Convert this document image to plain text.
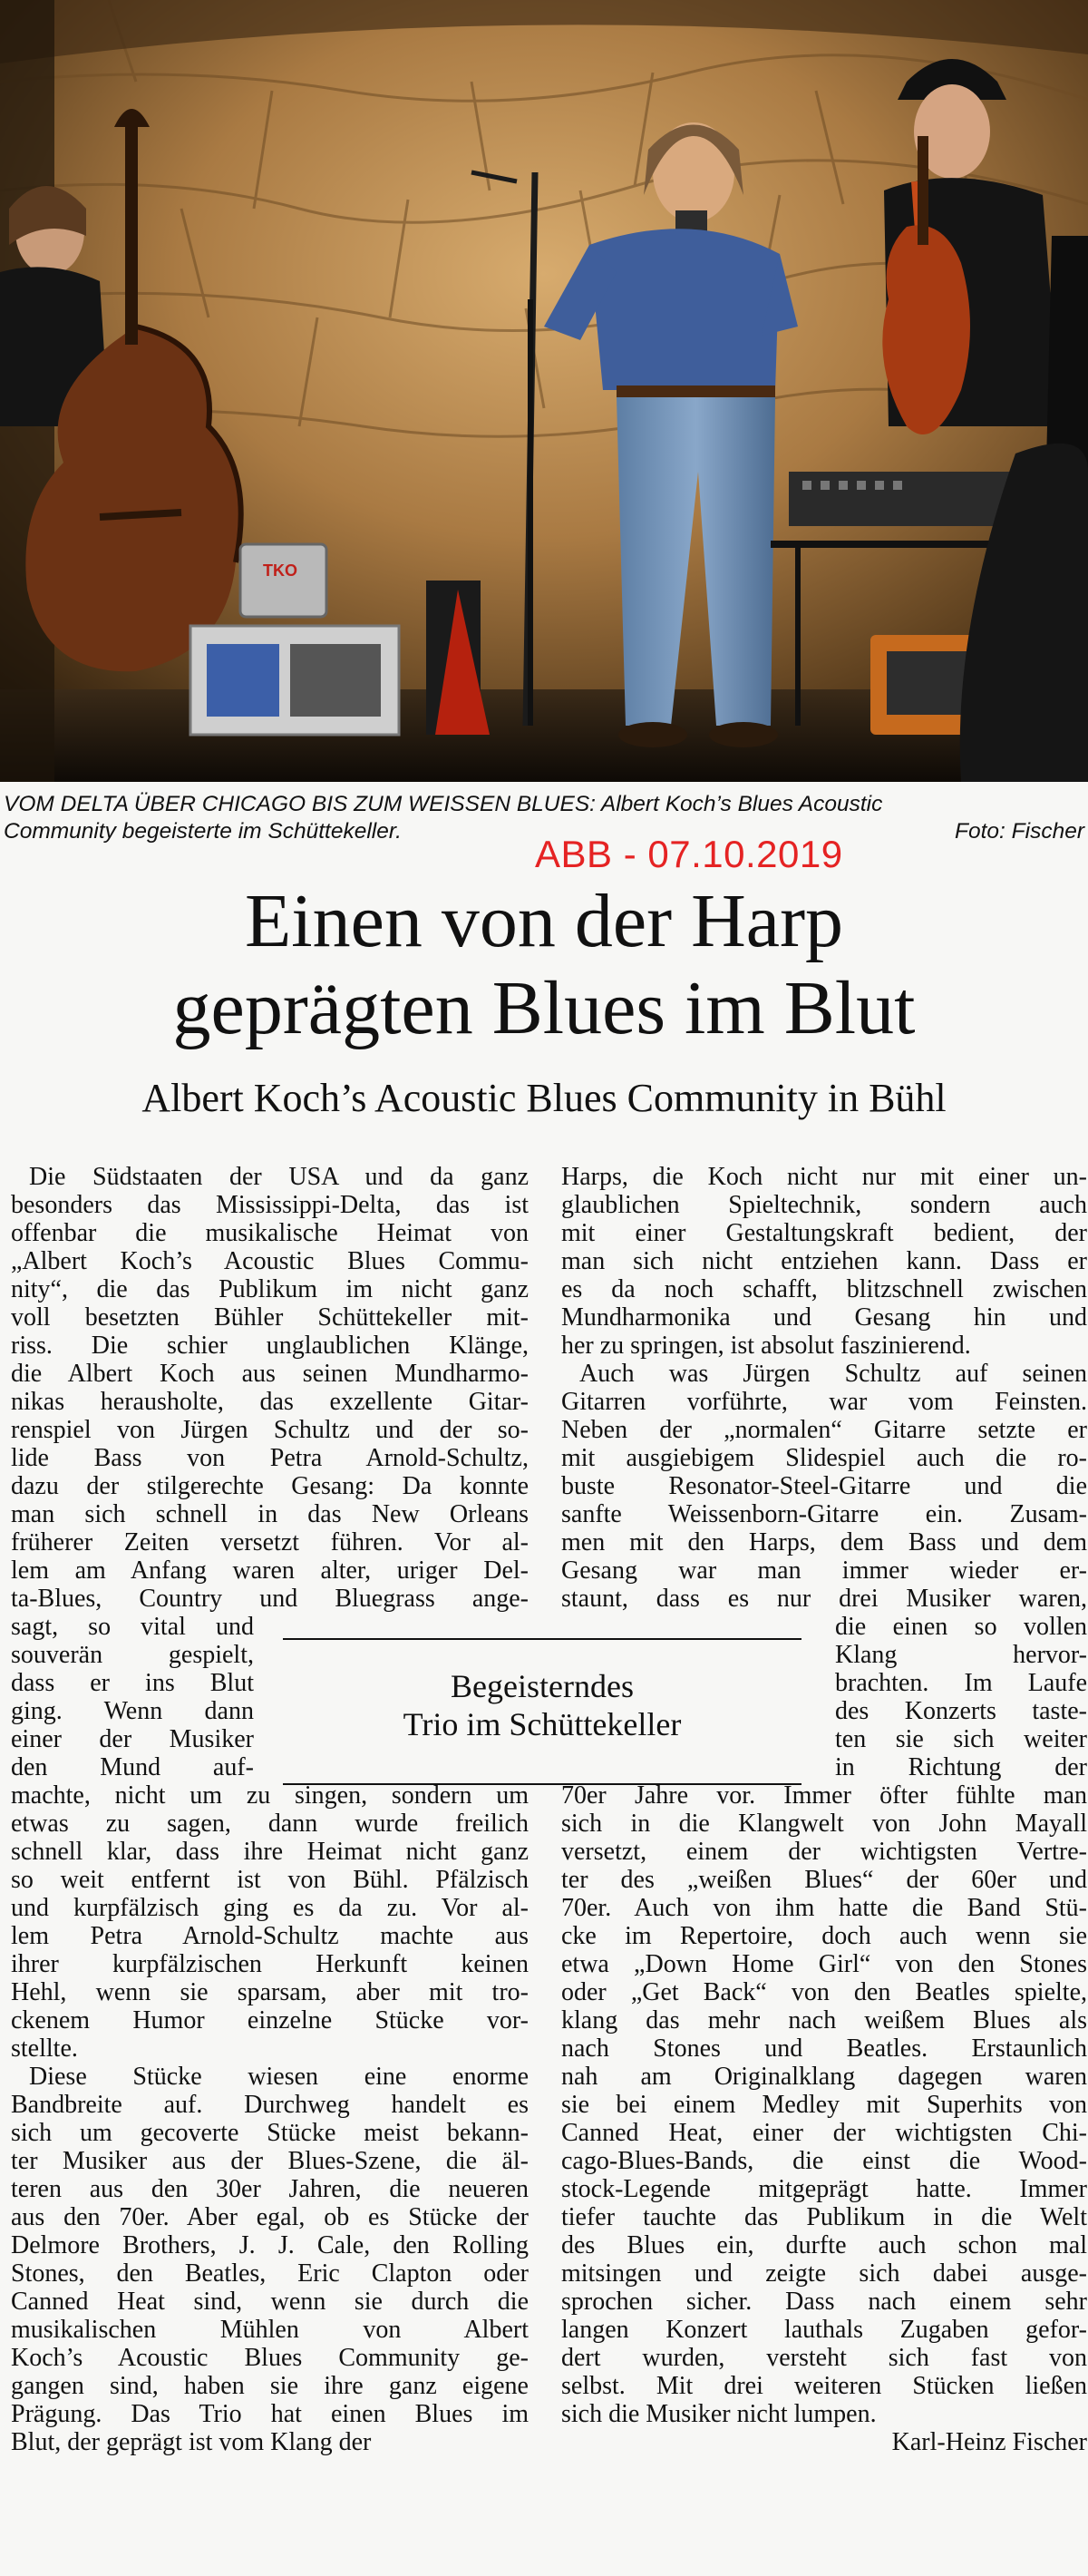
TKO
VOM DELTA ÜBER CHICAGO BIS ZUM WEISSEN BLUES: Albert Koch’s Blues Acoustic
Community begeisterte im Schüttekeller.	Foto: Fischer
ABB - 07.10.2019
Einen von der Harp
geprägten Blues im Blut
Albert Koch’s Acoustic Blues Community in Bühl
Die Südstaaten der USA und da ganz
besonders das Mississippi-Delta, das ist
offenbar die musikalische Heimat von
„Albert Koch’s Acoustic Blues Commu-
nity“, die das Publikum im nicht ganz
voll besetzten Bühler Schüttekeller mit-
riss. Die schier unglaublichen Klänge,
die Albert Koch aus seinen Mundharmo-
nikas herausholte, das exzellente Gitar-
renspiel von Jürgen Schultz und der so-
lide Bass von Petra Arnold-Schultz,
dazu der stilgerechte Gesang: Da konnte
man sich schnell in das New Orleans
früherer Zeiten versetzt führen. Vor al-
lem am Anfang waren alter, uriger Del-
ta-Blues, Country und Bluegrass ange-
sagt, so vital und
souverän gespielt,
dass er ins Blut
ging. Wenn dann
einer der Musiker
den Mund auf-
machte, nicht um zu singen, sondern um
etwas zu sagen, dann wurde freilich
schnell klar, dass ihre Heimat nicht ganz
so weit entfernt ist von Bühl. Pfälzisch
und kurpfälzisch ging es da zu. Vor al-
lem Petra Arnold-Schultz machte aus
ihrer kurpfälzischen Herkunft keinen
Hehl, wenn sie sparsam, aber mit tro-
ckenem Humor einzelne Stücke vor-
stellte.
Diese Stücke wiesen eine enorme
Bandbreite auf. Durchweg handelt es
sich um gecoverte Stücke meist bekann-
ter Musiker aus der Blues-Szene, die äl-
teren aus den 30er Jahren, die neueren
aus den 70er. Aber egal, ob es Stücke der
Delmore Brothers, J. J. Cale, den Rolling
Stones, den Beatles, Eric Clapton oder
Canned Heat sind, wenn sie durch die
musikalischen Mühlen von Albert
Koch’s Acoustic Blues Community ge-
gangen sind, haben sie ihre ganz eigene
Prägung. Das Trio hat einen Blues im
Blut, der geprägt ist vom Klang der
Harps, die Koch nicht nur mit einer un-
glaublichen Spieltechnik, sondern auch
mit einer Gestaltungskraft bedient, der
man sich nicht entziehen kann. Dass er
es da noch schafft, blitzschnell zwischen
Mundharmonika und Gesang hin und
her zu springen, ist absolut faszinierend.
Auch was Jürgen Schultz auf seinen
Gitarren vorführte, war vom Feinsten.
Neben der „normalen“ Gitarre setzte er
mit ausgiebigem Slidespiel auch die ro-
buste Resonator-Steel-Gitarre und die
sanfte Weissenborn-Gitarre ein. Zusam-
men mit den Harps, dem Bass und dem
Gesang war man immer wieder er-
staunt, dass es nur drei Musiker waren,
die einen so vollen
Klang hervor-
brachten. Im Laufe
des Konzerts taste-
ten sie sich weiter
in Richtung der
70er Jahre vor. Immer öfter fühlte man
sich in die Klangwelt von John Mayall
versetzt, einem der wichtigsten Vertre-
ter des „weißen Blues“ der 60er und
70er. Auch von ihm hatte die Band Stü-
cke im Repertoire, doch auch wenn sie
etwa „Down Home Girl“ von den Stones
oder „Get Back“ von den Beatles spielte,
klang das mehr nach weißem Blues als
nach Stones und Beatles. Erstaunlich
nah am Originalklang dagegen waren
sie bei einem Medley mit Superhits von
Canned Heat, einer der wichtigsten Chi-
cago-Blues-Bands, die einst die Wood-
stock-Legende mitgeprägt hatte. Immer
tiefer tauchte das Publikum in die Welt
des Blues ein, durfte auch schon mal
mitsingen und zeigte sich dabei ausge-
sprochen sicher. Dass nach einem sehr
langen Konzert lauthals Zugaben gefor-
dert wurden, versteht sich fast von
selbst. Mit drei weiteren Stücken ließen
sich die Musiker nicht lumpen.
Karl-Heinz Fischer
Begeisterndes
Trio im Schüttekeller
